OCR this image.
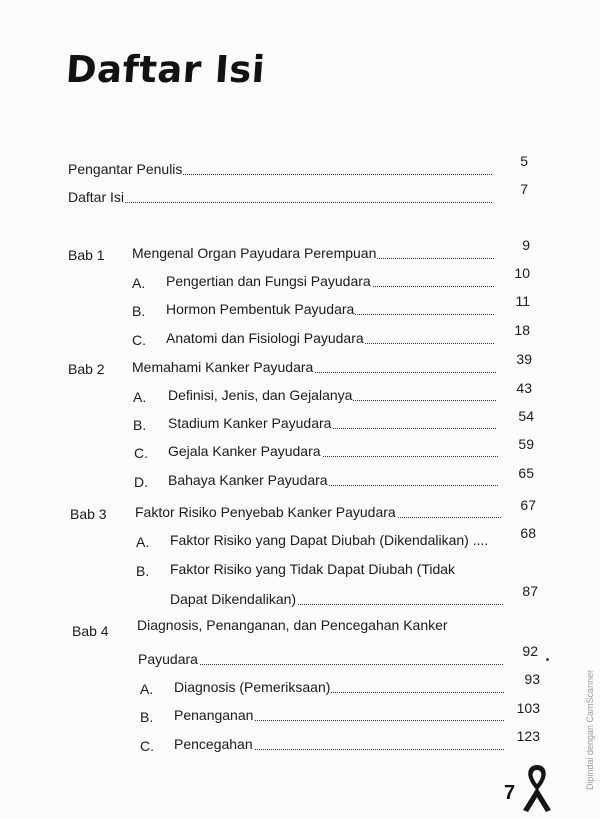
Daftar Isi
Pengantar Penulis	5
Daftar Isi	7
Bab 1 Mengenal Organ Payudara Perempuan	9
A. Pengertian dan Fungsi Payudara	10
B. Hormon Pembentuk Payudara	11
C. Anatomi dan Fisiologi Payudara	18
Bab 2 Memahami Kanker Payudara	39
A. Definisi, Jenis, dan Gejalanya	43
B. Stadium Kanker Payudara	54
C. Gejala Kanker Payudara	59
D. Bahaya Kanker Payudara	65
Bab 3 Faktor Risiko Penyebab Kanker Payudara	67
A. Faktor Risiko yang Dapat Diubah (Dikendalikan) ....	68
B. Faktor Risiko yang Tidak Dapat Diubah (Tidak
Dapat Dikendalikan)	87
Bab 4 Diagnosis, Penanganan, dan Pencegahan Kanker
Payudara	92
A. Diagnosis (Pemeriksaan)	93
B. Penanganan	103
C. Pencegahan	123
7
Dipindai dengan CamScanner
